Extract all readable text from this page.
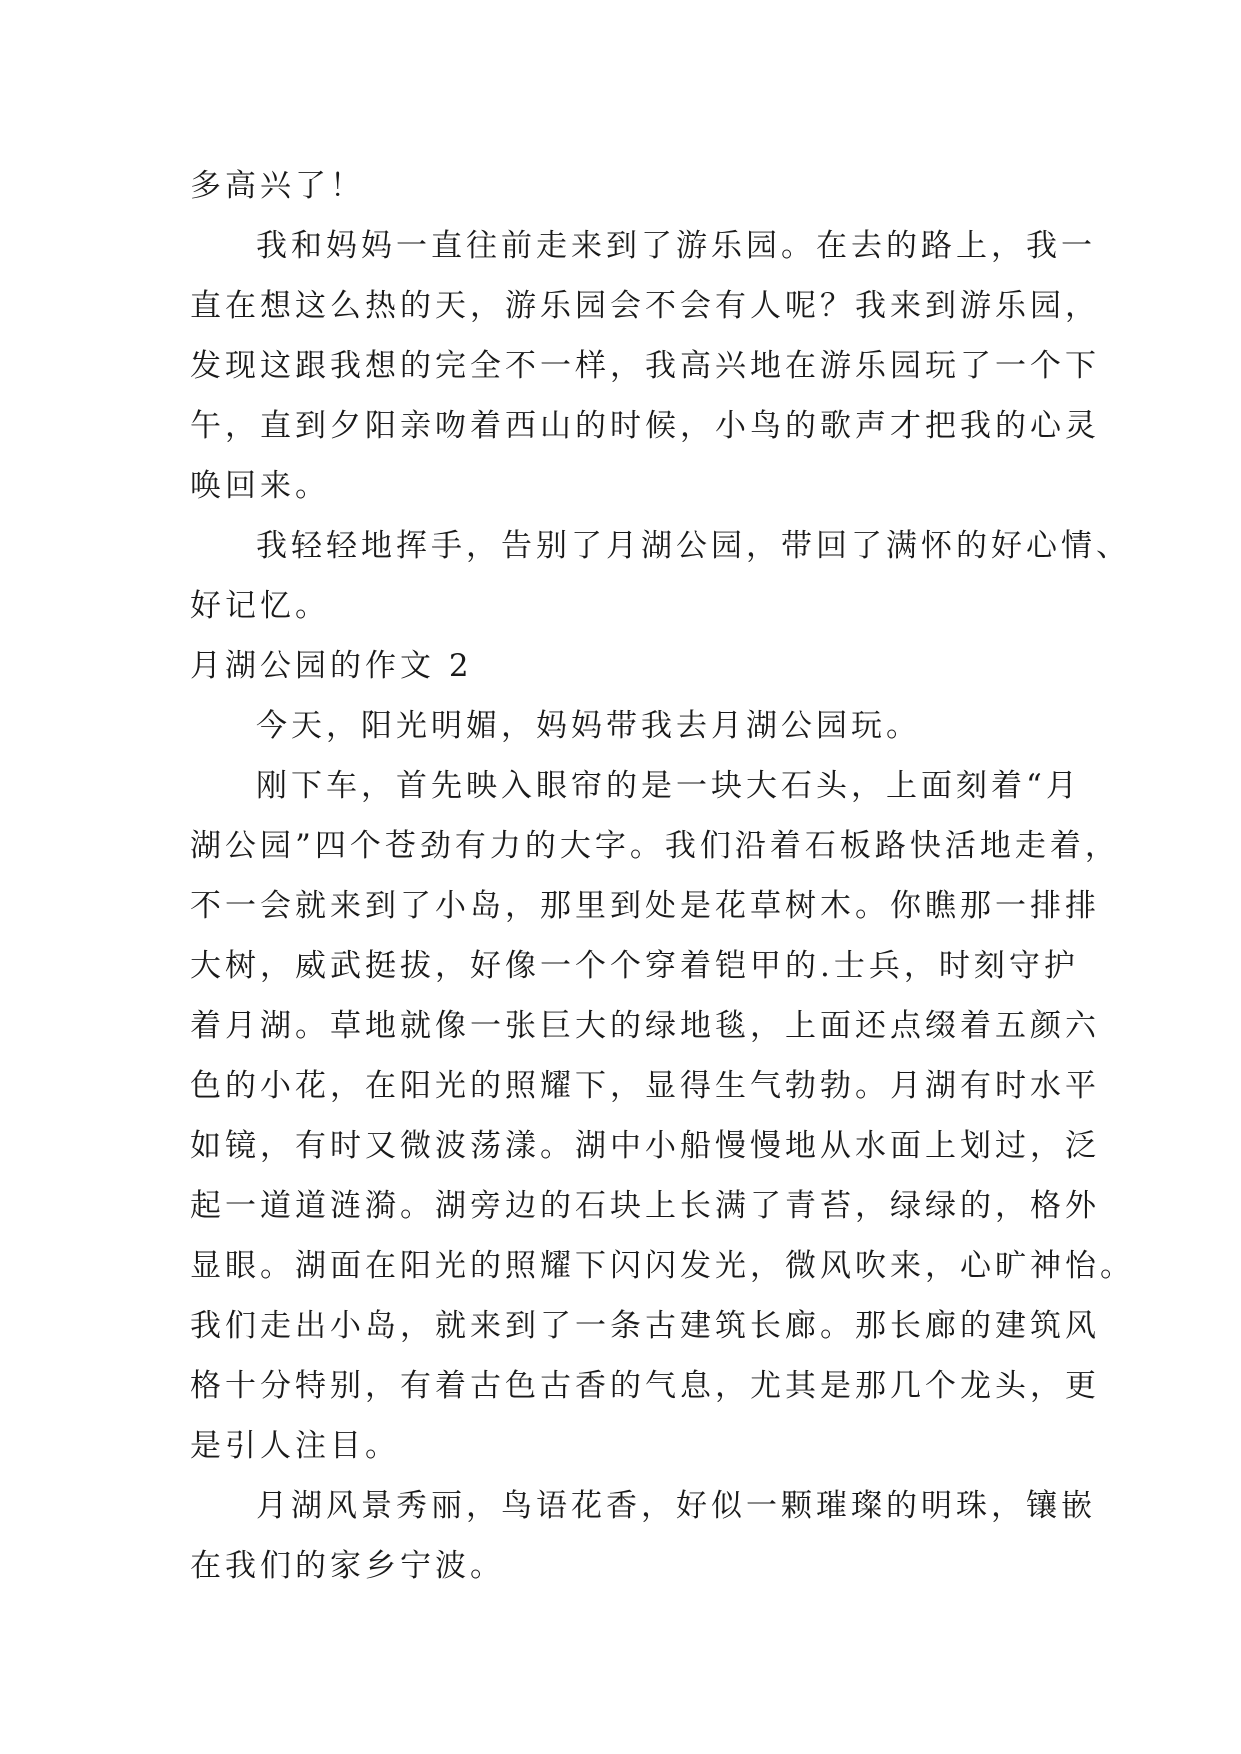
多高兴了！

我和妈妈一直往前走来到了游乐园。在去的路上，我一

直在想这么热的天，游乐园会不会有人呢？我来到游乐园，

发现这跟我想的完全不一样，我高兴地在游乐园玩了一个下

午，直到夕阳亲吻着西山的时候，小鸟的歌声才把我的心灵

唤回来。

我轻轻地挥手，告别了月湖公园，带回了满怀的好心情、

好记忆。

月湖公园的作文 2

今天，阳光明媚，妈妈带我去月湖公园玩。

刚下车，首先映入眼帘的是一块大石头，上面刻着“月

湖公园”四个苍劲有力的大字。我们沿着石板路快活地走着，

不一会就来到了小岛，那里到处是花草树木。你瞧那一排排

大树，威武挺拔，好像一个个穿着铠甲的.士兵，时刻守护

着月湖。草地就像一张巨大的绿地毯，上面还点缀着五颜六

色的小花，在阳光的照耀下，显得生气勃勃。月湖有时水平

如镜，有时又微波荡漾。湖中小船慢慢地从水面上划过，泛

起一道道涟漪。湖旁边的石块上长满了青苔，绿绿的，格外

显眼。湖面在阳光的照耀下闪闪发光，微风吹来，心旷神怡。

我们走出小岛，就来到了一条古建筑长廊。那长廊的建筑风

格十分特别，有着古色古香的气息，尤其是那几个龙头，更

是引人注目。

月湖风景秀丽，鸟语花香，好似一颗璀璨的明珠，镶嵌

在我们的家乡宁波。
